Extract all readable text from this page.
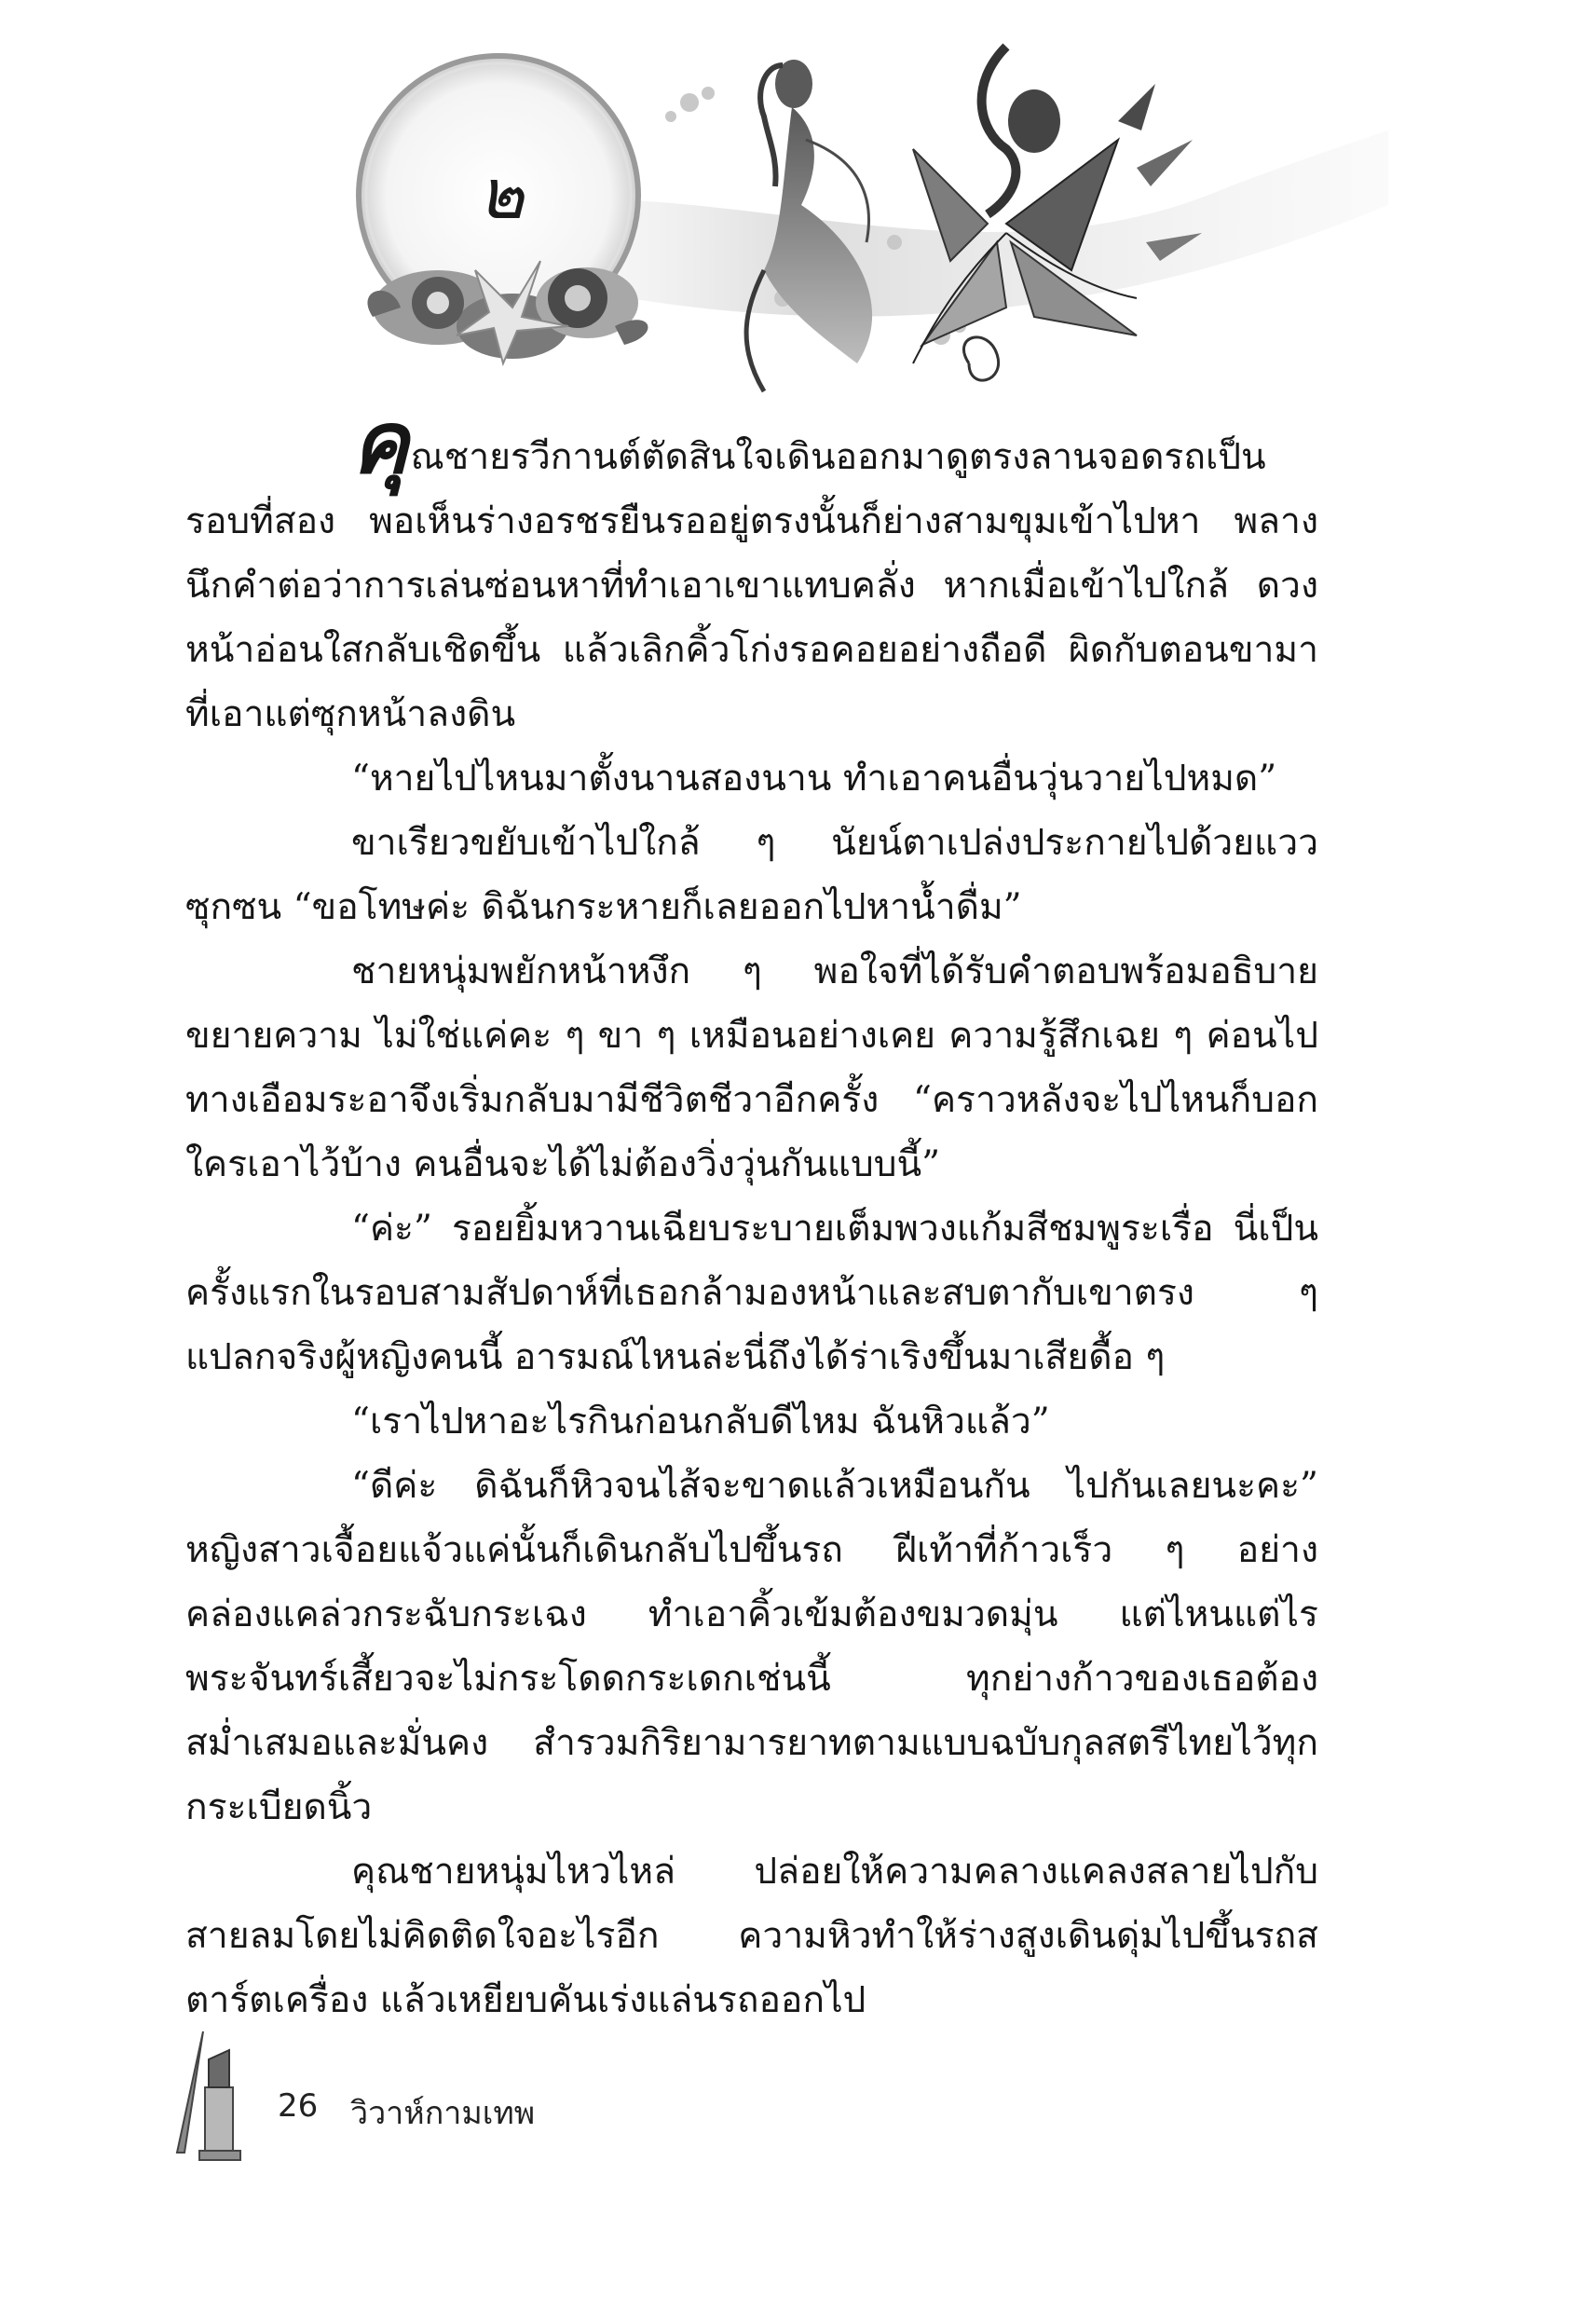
๒

คุณชายรวีกานต์ตัดสินใจเดินออกมาดูตรงลานจอดรถเป็นรอบที่สอง พอเห็นร่างอรชรยืนรออยู่ตรงนั้นก็ย่างสามขุมเข้าไปหา พลางนึกคำต่อว่าการเล่นซ่อนหาที่ทำเอาเขาแทบคลั่ง หากเมื่อเข้าไปใกล้ ดวงหน้าอ่อนใสกลับเชิดขึ้น แล้วเลิกคิ้วโก่งรอคอยอย่างถือดี ผิดกับตอนขามาที่เอาแต่ซุกหน้าลงดิน

“หายไปไหนมาตั้งนานสองนาน ทำเอาคนอื่นวุ่นวายไปหมด”

ขาเรียวขยับเข้าไปใกล้ ๆ นัยน์ตาเปล่งประกายไปด้วยแววซุกซน “ขอโทษค่ะ ดิฉันกระหายก็เลยออกไปหาน้ำดื่ม”

ชายหนุ่มพยักหน้าหงึก ๆ พอใจที่ได้รับคำตอบพร้อมอธิบายขยายความ ไม่ใช่แค่คะ ๆ ขา ๆ เหมือนอย่างเคย ความรู้สึกเฉย ๆ ค่อนไปทางเอือมระอาจึงเริ่มกลับมามีชีวิตชีวาอีกครั้ง “คราวหลังจะไปไหนก็บอกใครเอาไว้บ้าง คนอื่นจะได้ไม่ต้องวิ่งวุ่นกันแบบนี้”

“ค่ะ” รอยยิ้มหวานเฉียบระบายเต็มพวงแก้มสีชมพูระเรื่อ นี่เป็นครั้งแรกในรอบสามสัปดาห์ที่เธอกล้ามองหน้าและสบตากับเขาตรง ๆ แปลกจริงผู้หญิงคนนี้ อารมณ์ไหนล่ะนี่ถึงได้ร่าเริงขึ้นมาเสียดื้อ ๆ

“เราไปหาอะไรกินก่อนกลับดีไหม ฉันหิวแล้ว”

“ดีค่ะ ดิฉันก็หิวจนไส้จะขาดแล้วเหมือนกัน ไปกันเลยนะคะ” หญิงสาวเจื้อยแจ้วแค่นั้นก็เดินกลับไปขึ้นรถ ฝีเท้าที่ก้าวเร็ว ๆ อย่างคล่องแคล่วกระฉับกระเฉง ทำเอาคิ้วเข้มต้องขมวดมุ่น แต่ไหนแต่ไรพระจันทร์เสี้ยวจะไม่กระโดดกระเดกเช่นนี้ ทุกย่างก้าวของเธอต้องสม่ำเสมอและมั่นคง สำรวมกิริยามารยาทตามแบบฉบับกุลสตรีไทยไว้ทุกกระเบียดนิ้ว

คุณชายหนุ่มไหวไหล่ ปล่อยให้ความคลางแคลงสลายไปกับสายลมโดยไม่คิดติดใจอะไรอีก ความหิวทำให้ร่างสูงเดินดุ่มไปขึ้นรถสตาร์ตเครื่อง แล้วเหยียบคันเร่งแล่นรถออกไป

26 วิวาห์กามเทพ
